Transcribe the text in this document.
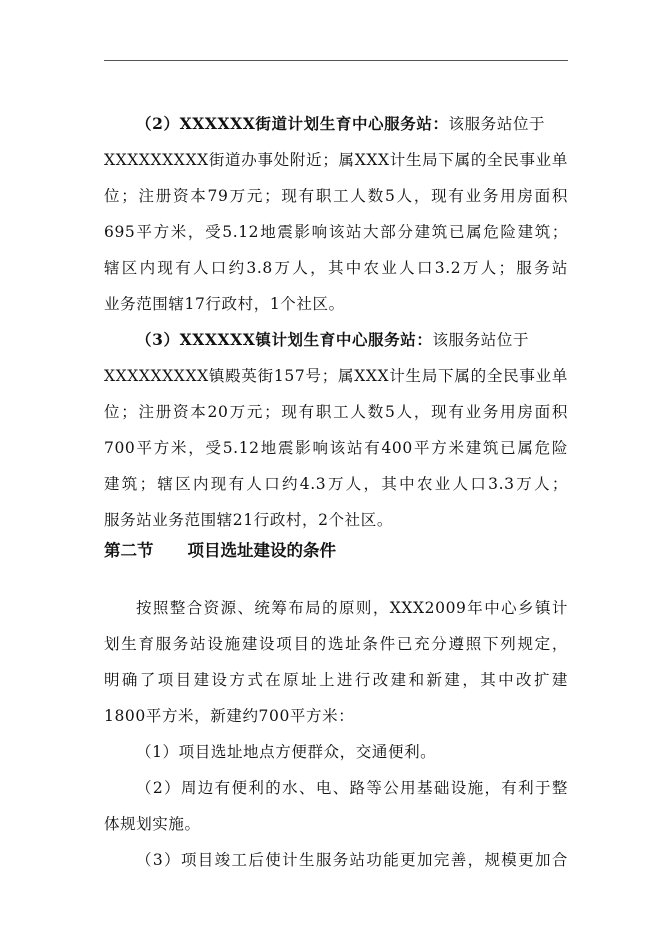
（2）XXXXXX街道计划生育中心服务站：该服务站位于
XXXXXXXXX街道办事处附近；属XXX计生局下属的全民事业单
位；注册资本79万元；现有职工人数5人，现有业务用房面积
695平方米，受5.12地震影响该站大部分建筑已属危险建筑；
辖区内现有人口约3.8万人，其中农业人口3.2万人；服务站
业务范围辖17行政村，1个社区。
（3）XXXXXX镇计划生育中心服务站：该服务站位于
XXXXXXXXX镇殿英街157号；属XXX计生局下属的全民事业单
位；注册资本20万元；现有职工人数5人，现有业务用房面积
700平方米，受5.12地震影响该站有400平方米建筑已属危险
建筑；辖区内现有人口约4.3万人，其中农业人口3.3万人；
服务站业务范围辖21行政村，2个社区。
第二节 项目选址建设的条件
按照整合资源、统筹布局的原则，XXX2009年中心乡镇计
划生育服务站设施建设项目的选址条件已充分遵照下列规定，
明确了项目建设方式在原址上进行改建和新建，其中改扩建
1800平方米，新建约700平方米：
（1）项目选址地点方便群众，交通便利。
（2）周边有便利的水、电、路等公用基础设施，有利于整
体规划实施。
（3）项目竣工后使计生服务站功能更加完善，规模更加合
